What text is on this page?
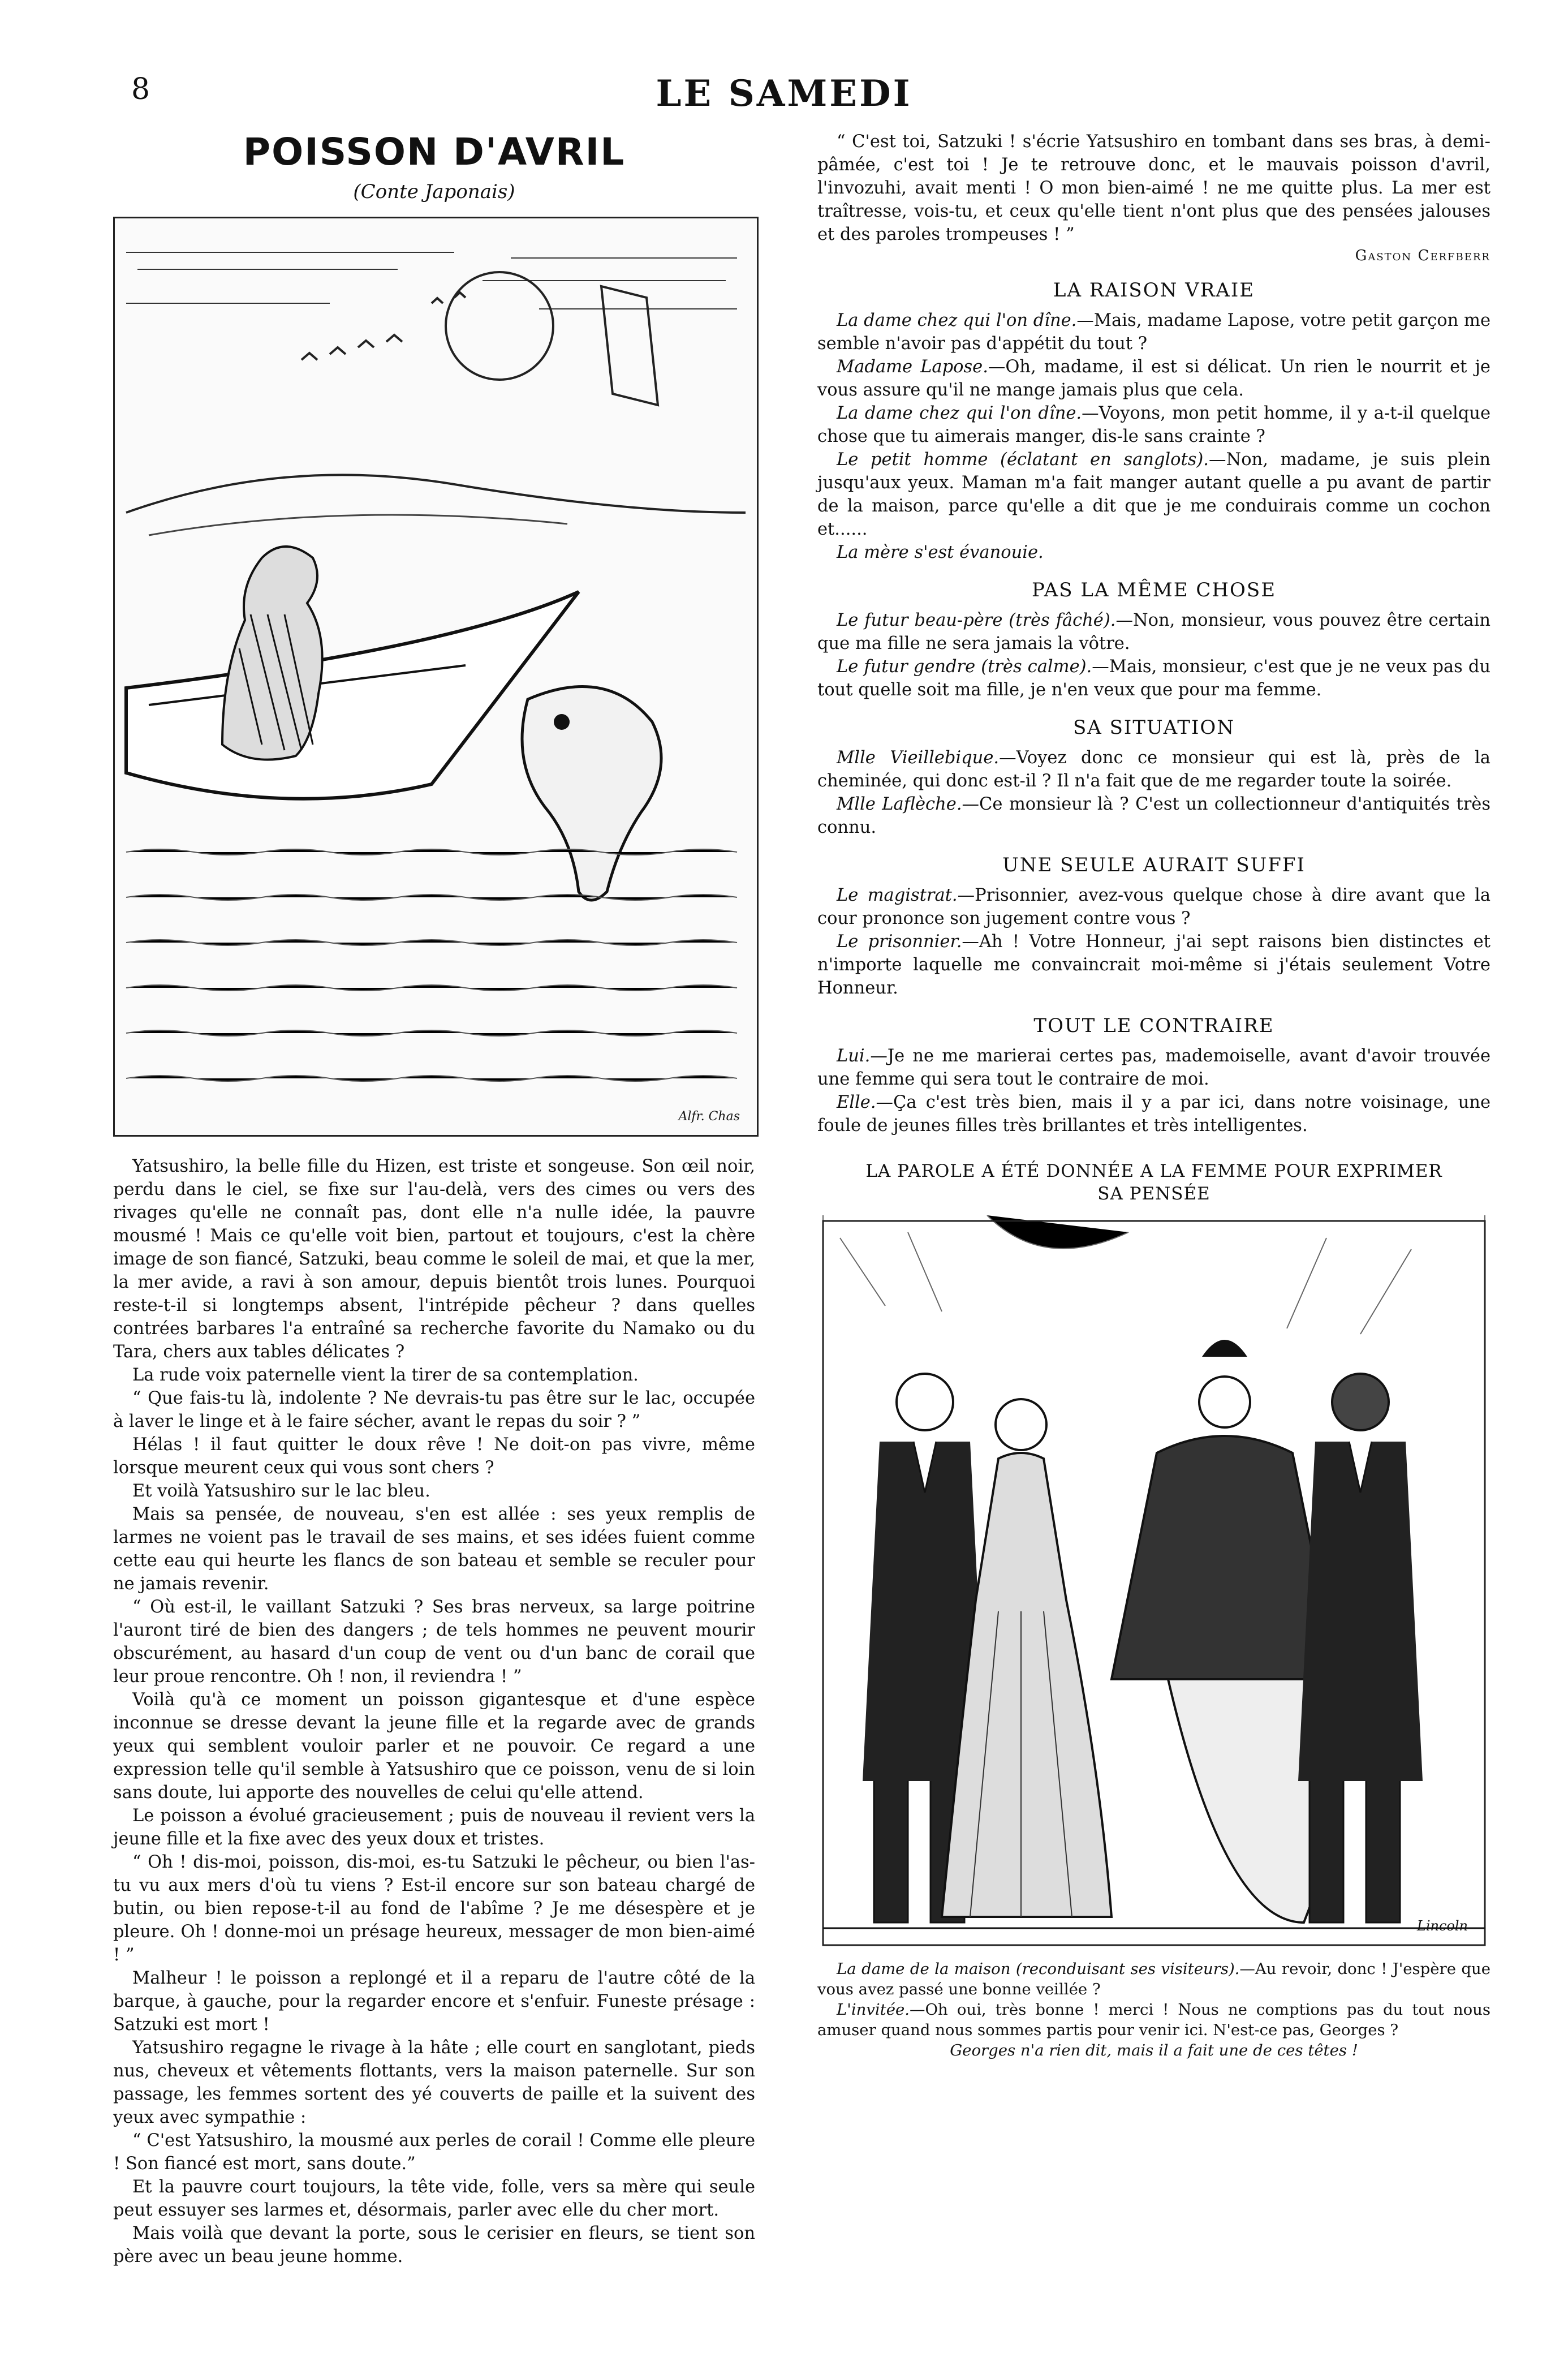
8	LE SAMEDI
POISSON D'AVRIL
(Conte Japonais)
Alfr. Chas

Yatsushiro, la belle fille du Hizen, est triste et songeuse. Son œil noir, perdu dans le ciel, se fixe sur l'au-delà, vers des cimes ou vers des rivages qu'elle ne connaît pas, dont elle n'a nulle idée, la pauvre mousmé ! Mais ce qu'elle voit bien, partout et toujours, c'est la chère image de son fiancé, Satzuki, beau comme le soleil de mai, et que la mer, la mer avide, a ravi à son amour, depuis bientôt trois lunes. Pourquoi reste-t-il si longtemps absent, l'intrépide pêcheur ? dans quelles contrées barbares l'a entraîné sa recherche favorite du Namako ou du Tara, chers aux tables délicates ?

La rude voix paternelle vient la tirer de sa contemplation.

“ Que fais-tu là, indolente ? Ne devrais-tu pas être sur le lac, occupée à laver le linge et à le faire sécher, avant le repas du soir ? ”

Hélas ! il faut quitter le doux rêve ! Ne doit-on pas vivre, même lorsque meurent ceux qui vous sont chers ?

Et voilà Yatsushiro sur le lac bleu.

Mais sa pensée, de nouveau, s'en est allée : ses yeux remplis de larmes ne voient pas le travail de ses mains, et ses idées fuient comme cette eau qui heurte les flancs de son bateau et semble se reculer pour ne jamais revenir.

“ Où est-il, le vaillant Satzuki ? Ses bras nerveux, sa large poitrine l'auront tiré de bien des dangers ; de tels hommes ne peuvent mourir obscurément, au hasard d'un coup de vent ou d'un banc de corail que leur proue rencontre. Oh ! non, il reviendra ! ”

Voilà qu'à ce moment un poisson gigantesque et d'une espèce inconnue se dresse devant la jeune fille et la regarde avec de grands yeux qui semblent vouloir parler et ne pouvoir. Ce regard a une expression telle qu'il semble à Yatsushiro que ce poisson, venu de si loin sans doute, lui apporte des nouvelles de celui qu'elle attend.

Le poisson a évolué gracieusement ; puis de nouveau il revient vers la jeune fille et la fixe avec des yeux doux et tristes.

“ Oh ! dis-moi, poisson, dis-moi, es-tu Satzuki le pêcheur, ou bien l'as-tu vu aux mers d'où tu viens ? Est-il encore sur son bateau chargé de butin, ou bien repose-t-il au fond de l'abîme ? Je me désespère et je pleure. Oh ! donne-moi un présage heureux, messager de mon bien-aimé ! ”

Malheur ! le poisson a replongé et il a reparu de l'autre côté de la barque, à gauche, pour la regarder encore et s'enfuir. Funeste présage : Satzuki est mort !

Yatsushiro regagne le rivage à la hâte ; elle court en sanglotant, pieds nus, cheveux et vêtements flottants, vers la maison paternelle. Sur son passage, les femmes sortent des yé couverts de paille et la suivent des yeux avec sympathie :

“ C'est Yatsushiro, la mousmé aux perles de corail ! Comme elle pleure ! Son fiancé est mort, sans doute.”

Et la pauvre court toujours, la tête vide, folle, vers sa mère qui seule peut essuyer ses larmes et, désormais, parler avec elle du cher mort.

Mais voilà que devant la porte, sous le cerisier en fleurs, se tient son père avec un beau jeune homme.

“ C'est toi, Satzuki ! s'écrie Yatsushiro en tombant dans ses bras, à demi-pâmée, c'est toi ! Je te retrouve donc, et le mauvais poisson d'avril, l'invozuhi, avait menti ! O mon bien-aimé ! ne me quitte plus. La mer est traîtresse, vois-tu, et ceux qu'elle tient n'ont plus que des pensées jalouses et des paroles trompeuses ! ”

Gaston Cerfberr
LA RAISON VRAIE

La dame chez qui l'on dîne.—Mais, madame Lapose, votre petit garçon me semble n'avoir pas d'appétit du tout ?

Madame Lapose.—Oh, madame, il est si délicat. Un rien le nourrit et je vous assure qu'il ne mange jamais plus que cela.

La dame chez qui l'on dîne.—Voyons, mon petit homme, il y a-t-il quelque chose que tu aimerais manger, dis-le sans crainte ?

Le petit homme (éclatant en sanglots).—Non, madame, je suis plein jusqu'aux yeux. Maman m'a fait manger autant quelle a pu avant de partir de la maison, parce qu'elle a dit que je me conduirais comme un cochon et......

La mère s'est évanouie.

PAS LA MÊME CHOSE

Le futur beau-père (très fâché).—Non, monsieur, vous pouvez être certain que ma fille ne sera jamais la vôtre.

Le futur gendre (très calme).—Mais, monsieur, c'est que je ne veux pas du tout quelle soit ma fille, je n'en veux que pour ma femme.

SA SITUATION

Mlle Vieillebique.—Voyez donc ce monsieur qui est là, près de la cheminée, qui donc est-il ? Il n'a fait que de me regarder toute la soirée.

Mlle Laflèche.—Ce monsieur là ? C'est un collectionneur d'antiquités très connu.

UNE SEULE AURAIT SUFFI

Le magistrat.—Prisonnier, avez-vous quelque chose à dire avant que la cour prononce son jugement contre vous ?

Le prisonnier.—Ah ! Votre Honneur, j'ai sept raisons bien distinctes et n'importe laquelle me convaincrait moi-même si j'étais seulement Votre Honneur.

TOUT LE CONTRAIRE

Lui.—Je ne me marierai certes pas, mademoiselle, avant d'avoir trouvée une femme qui sera tout le contraire de moi.

Elle.—Ça c'est très bien, mais il y a par ici, dans notre voisinage, une foule de jeunes filles très brillantes et très intelligentes.

LA PAROLE A ÉTÉ DONNÉE A LA FEMME POUR EXPRIMER
SA PENSÉE
Lincoln

La dame de la maison (reconduisant ses visiteurs).—Au revoir, donc ! J'espère que vous avez passé une bonne veillée ?

L'invitée.—Oh oui, très bonne ! merci ! Nous ne comptions pas du tout nous amuser quand nous sommes partis pour venir ici. N'est-ce pas, Georges ?

Georges n'a rien dit, mais il a fait une de ces têtes !
